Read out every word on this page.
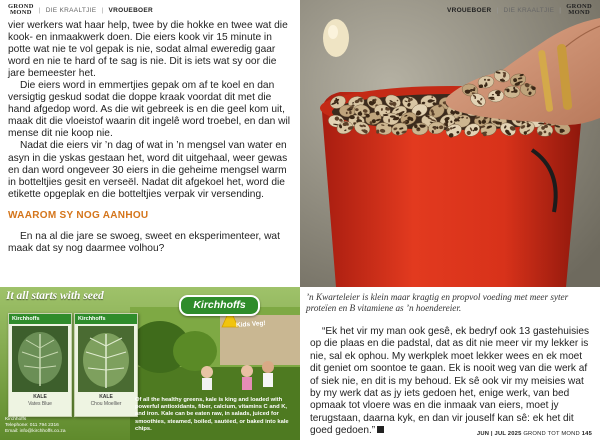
GROND
MOND	| DIE KRAALTJIE | VROUEBOER

vier werkers wat haar help, twee by die hokke en twee wat die kook- en inmaakwerk doen. Die eiers kook vir 15 minute in potte wat nie te vol gepak is nie, sodat almal eweredig gaar word en nie te hard of te sag is nie. Dit is iets wat sy oor die jare bemeester het.

Die eiers word in emmertjies gepak om af te koel en dan versigtig geskud sodat die doppe kraak voordat dit met die hand afgedop word. As die wit gebreek is en die geel kom uit, maak dit die vloeistof waarin dit ingelê word troebel, en dan wil mense dit nie koop nie.

Nadat die eiers vir ’n dag of wat in ’n mengsel van water en asyn in die yskas gestaan het, word dit uitgehaal, weer gewas en dan word ongeveer 30 eiers in die geheime mengsel warm in botteltjies gesit en verseël. Nadat dit afgekoel het, word die etikette opgeplak en die botteltjies verpak vir versending.

WAAROM SY NOG AANHOU

En na al die jare se swoeg, sweet en eksperimenteer, wat maak dat sy nog daarmee volhou?

VROUEBOER | DIE KRAALTJIE | GROND
MOND
It all starts with seed
Kirchhoffs
Kids Veg!
Kirchhoffs
KALE
Vates Blue
Kirchhoffs
KALE
Chou Moellier
Kirchhoffs
Telephone: 011 794 2316
Email: info@kirchhoffs.co.za
Of all the healthy greens, kale is king and loaded with powerful antioxidants, fiber, calcium, vitamins C and K, and iron. Kale can be eaten raw, in salads, juiced for smoothies, steamed, boiled, sautéed, or baked into kale chips.
’n Kwarteleier is klein maar kragtig en propvol voeding met meer syter proteïen en B vitamiene as ’n hoendereier.

“Ek het vir my man ook gesê, ek bedryf ook 13 gastehuisies op die plaas en die padstal, dat as dit nie meer vir my lekker is nie, sal ek ophou. My werkplek moet lekker wees en ek moet dit geniet om soontoe te gaan. Ek is nooit weg van die werk af of siek nie, en dit is my behoud. Ek sê ook vir my meisies wat by my werk dat as jy iets gedoen het, enige werk, van bed opmaak tot vloere was en die inmaak van eiers, moet jy terugstaan, daarna kyk, en dan vir jouself kan sê: ek het dit goed gedoen.”	JUN | JUL 2025 GROND TOT MOND 145
